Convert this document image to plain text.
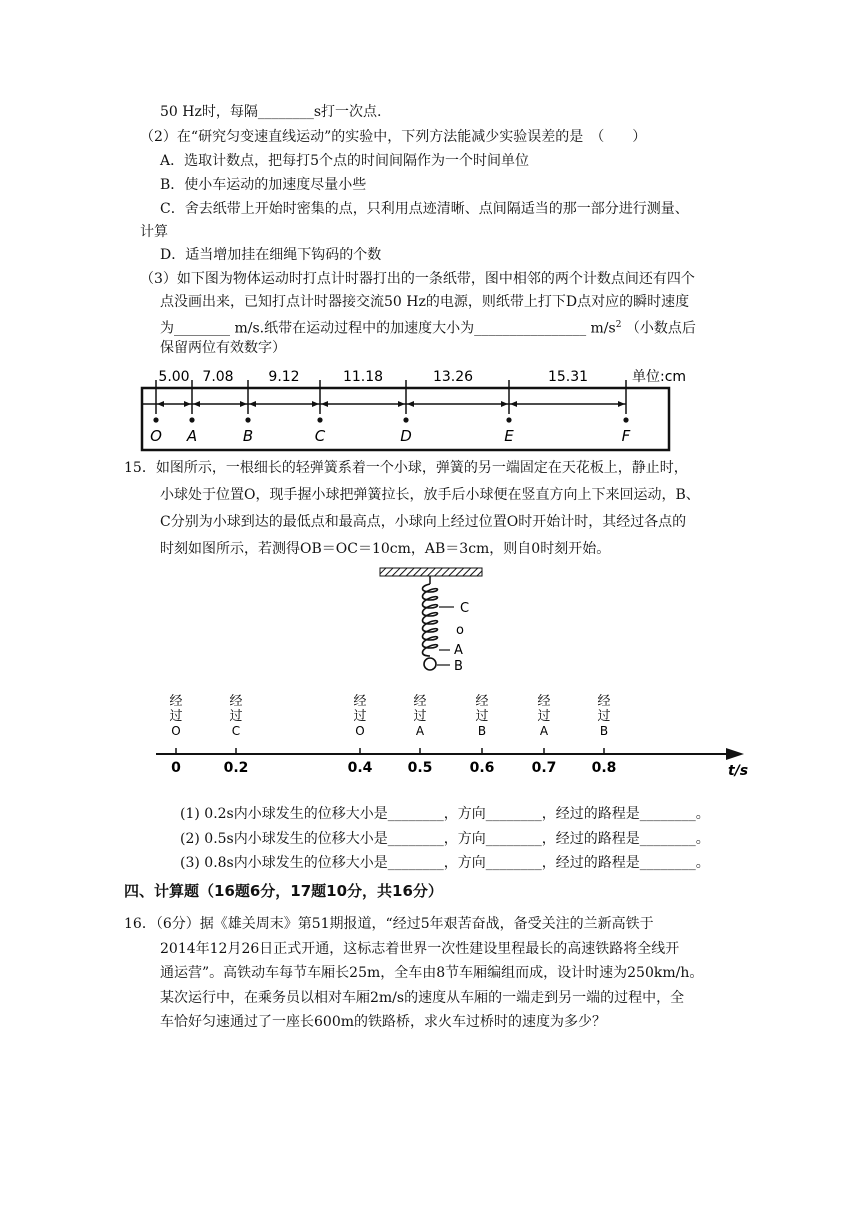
50 Hz时，每隔________s打一次点.
（2）在“研究匀变速直线运动”的实验中，下列方法能减少实验误差的是　（　　）
A．选取计数点，把每打5个点的时间间隔作为一个时间单位
B．使小车运动的加速度尽量小些
C．舍去纸带上开始时密集的点，只利用点迹清晰、点间隔适当的那一部分进行测量、
计算
D．适当增加挂在细绳下钩码的个数
（3）如下图为物体运动时打点计时器打出的一条纸带，图中相邻的两个计数点间还有四个
点没画出来，已知打点计时器接交流50 Hz的电源，则纸带上打下D点对应的瞬时速度
为________ m/s.纸带在运动过程中的加速度大小为________________ $m/s^2$ （小数点后
保留两位有效数字）
5.00 7.08 9.12	11.18	13.26	15.31	单位:cm
O A	B	C	D	E	F
15．如图所示，一根细长的轻弹簧系着一个小球，弹簧的另一端固定在天花板上，静止时，
小球处于位置O，现手握小球把弹簧拉长，放手后小球便在竖直方向上下来回运动，B、
C分别为小球到达的最低点和最高点，小球向上经过位置O时开始计时，其经过各点的
时刻如图所示，若测得OB＝OC＝10cm，AB＝3cm，则自0时刻开始。
C
o
A
B
经
过
O
0
经
过
C
0.2
经
过
O
0.4
经
过
A
0.5
经
过
B
0.6
经
过
A
0.7
经
过
B
0.8	t/s
(1) 0.2s内小球发生的位移大小是________，方向________，经过的路程是________。
(2) 0.5s内小球发生的位移大小是________，方向________，经过的路程是________。
(3) 0.8s内小球发生的位移大小是________，方向________，经过的路程是________。
四、计算题（16题6分，17题10分，共16分）
16．（6分）据《雄关周末》第51期报道，“经过5年艰苦奋战，备受关注的兰新高铁于
2014年12月26日正式开通，这标志着世界一次性建设里程最长的高速铁路将全线开
通运营”。高铁动车每节车厢长25m，全车由8节车厢编组而成，设计时速为250km/h。
某次运行中，在乘务员以相对车厢2m/s的速度从车厢的一端走到另一端的过程中，全
车恰好匀速通过了一座长600m的铁路桥，求火车过桥时的速度为多少？
